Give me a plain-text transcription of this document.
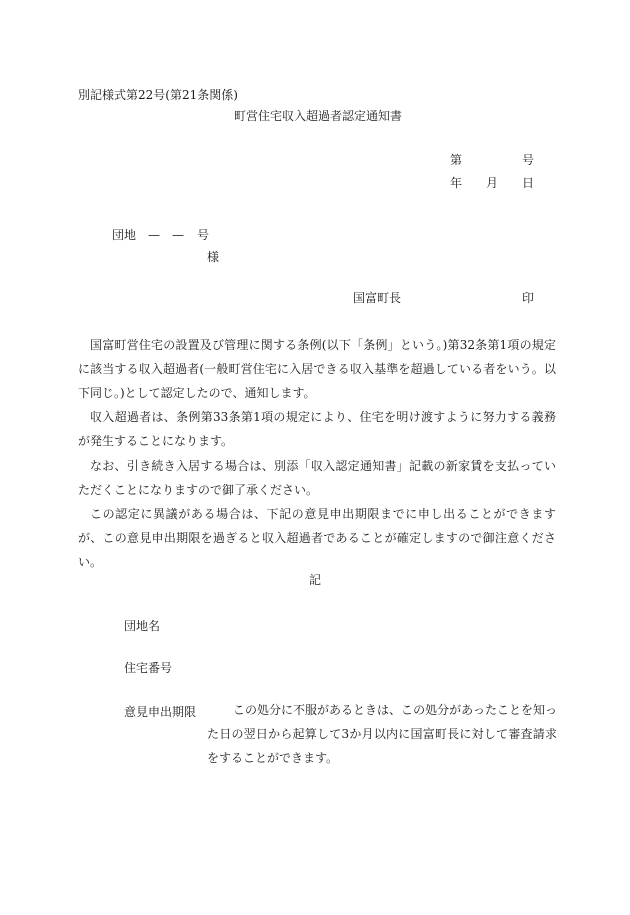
別記様式第22号(第21条関係)
町営住宅収入超過者認定通知書
第	号
年 月 日
団地 — — 号
様
国富町長	印
国富町営住宅の設置及び管理に関する条例(以下「条例」という。)第32条第1項の規定に該当する収入超過者(一般町営住宅に入居できる収入基準を超過している者をいう。以下同じ。)として認定したので、通知します。
収入超過者は、条例第33条第1項の規定により、住宅を明け渡すように努力する義務が発生することになります。
なお、引き続き入居する場合は、別添「収入認定通知書」記載の新家賃を支払っていただくことになりますので御了承ください。
この認定に異議がある場合は、下記の意見申出期限までに申し出ることができますが、この意見申出期限を過ぎると収入超過者であることが確定しますので御注意ください。
記
団地名
住宅番号
意見申出期限	この処分に不服があるときは、この処分があったことを知った日の翌日から起算して3か月以内に国富町長に対して審査請求をすることができます。
